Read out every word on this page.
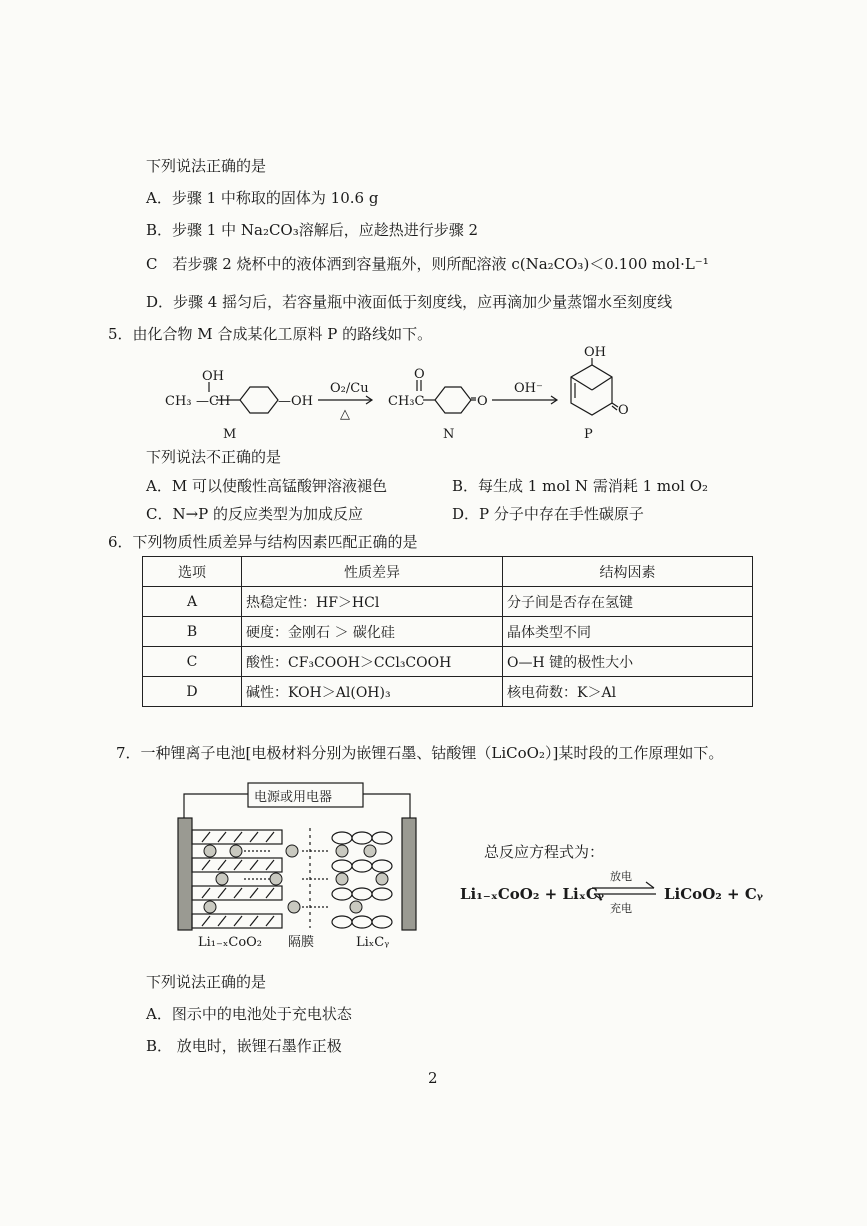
下列说法正确的是
A．步骤 1 中称取的固体为 10.6 g
B．步骤 1 中 Na₂CO₃溶解后，应趁热进行步骤 2
C　若步骤 2 烧杯中的液体洒到容量瓶外，则所配溶液 c(Na₂CO₃)＜0.100 mol·L⁻¹
D．步骤 4 摇匀后，若容量瓶中液面低于刻度线，应再滴加少量蒸馏水至刻度线
5．由化合物 M 合成某化工原料 P 的路线如下。
CH₃ —CH
OH
—OH
O₂/Cu
△
CH₃C
O
O
OH⁻
OH
O
M	N	P
下列说法不正确的是
A．M 可以使酸性高锰酸钾溶液褪色	B．每生成 1 mol N 需消耗 1 mol O₂
C．N→P 的反应类型为加成反应	D．P 分子中存在手性碳原子
6．下列物质性质差异与结构因素匹配正确的是
选项	性质差异	结构因素
A	热稳定性：HF＞HCl	分子间是否存在氢键
B	硬度：金刚石 ＞ 碳化硅	晶体类型不同
C	酸性：CF₃COOH＞CCl₃COOH	O—H 键的极性大小
D	碱性：KOH＞Al(OH)₃	核电荷数：K＞Al
7．一种锂离子电池[电极材料分别为嵌锂石墨、钴酸锂（LiCoO₂）]某时段的工作原理如下。
电源或用电器
Li₁₋ₓCoO₂ 隔膜	LiₓCᵧ
总反应方程式为：
Li₁₋ₓCoO₂ + LiₓCᵧ
放电
充电
LiCoO₂ + Cᵧ
下列说法正确的是
A．图示中的电池处于充电状态
B． 放电时，嵌锂石墨作正极
2
